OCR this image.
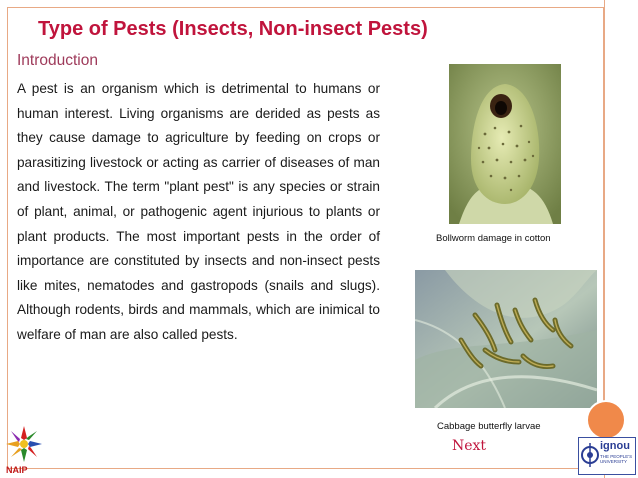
Type of Pests (Insects, Non-insect Pests)
Introduction

A pest is an organism which is detrimental to humans or human interest. Living organisms are derided as pests as they cause damage to agriculture by feeding on crops or parasitizing livestock or acting as carrier of diseases of man and livestock. The term "plant pest" is any species or strain of plant, animal, or pathogenic agent injurious to plants or plant products. The most important pests in the order of importance are constituted by insects and non-insect pests like mites, nematodes and gastropods (snails and slugs). Although rodents, birds and mammals, which are inimical to welfare of man are also called pests.

Bollworm damage in cotton
Cabbage butterfly larvae
Next
NAIP
ignou
THE PEOPLE'S UNIVERSITY
